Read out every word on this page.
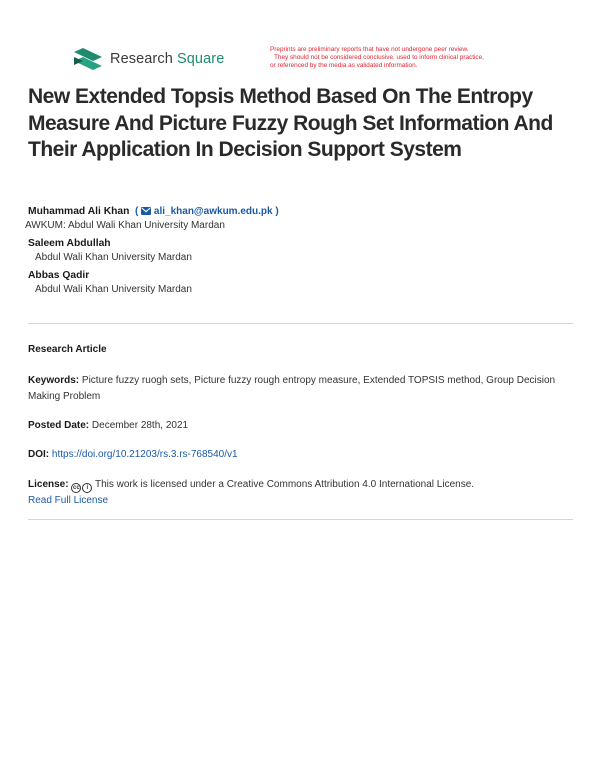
Research Square
Preprints are preliminary reports that have not undergone peer review.
They should not be considered conclusive, used to inform clinical practice,
or referenced by the media as validated information.
New Extended Topsis Method Based On The Entropy Measure And Picture Fuzzy Rough Set Information And Their Application In Decision Support System
Muhammad Ali Khan  (  ali_khan@awkum.edu.pk )
AWKUM: Abdul Wali Khan University Mardan
Saleem Abdullah
Abdul Wali Khan University Mardan
Abbas Qadir
Abdul Wali Khan University Mardan
Research Article
Keywords: Picture fuzzy ruogh sets, Picture fuzzy rough entropy measure, Extended TOPSIS method, Group Decision Making Problem
Posted Date: December 28th, 2021
DOI: https://doi.org/10.21203/rs.3.rs-768540/v1
License: cc	i This work is licensed under a Creative Commons Attribution 4.0 International License.
Read Full License
